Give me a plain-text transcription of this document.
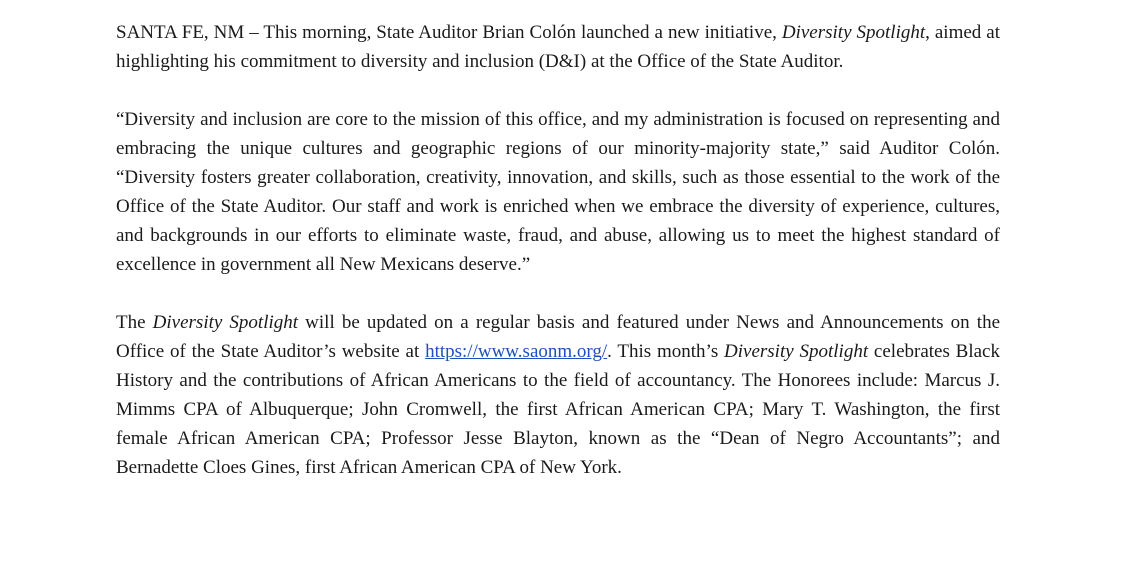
SANTA FE, NM – This morning, State Auditor Brian Colón launched a new initiative, Diversity Spotlight, aimed at highlighting his commitment to diversity and inclusion (D&I) at the Office of the State Auditor.

“Diversity and inclusion are core to the mission of this office, and my administration is focused on representing and embracing the unique cultures and geographic regions of our minority-majority state,” said Auditor Colón. “Diversity fosters greater collaboration, creativity, innovation, and skills, such as those essential to the work of the Office of the State Auditor. Our staff and work is enriched when we embrace the diversity of experience, cultures, and backgrounds in our efforts to eliminate waste, fraud, and abuse, allowing us to meet the highest standard of excellence in government all New Mexicans deserve.”

The Diversity Spotlight will be updated on a regular basis and featured under News and Announcements on the Office of the State Auditor’s website at https://www.saonm.org/. This month’s Diversity Spotlight celebrates Black History and the contributions of African Americans to the field of accountancy. The Honorees include: Marcus J. Mimms CPA of Albuquerque; John Cromwell, the first African American CPA; Mary T. Washington, the first female African American CPA; Professor Jesse Blayton, known as the “Dean of Negro Accountants”; and Bernadette Cloes Gines, first African American CPA of New York.
